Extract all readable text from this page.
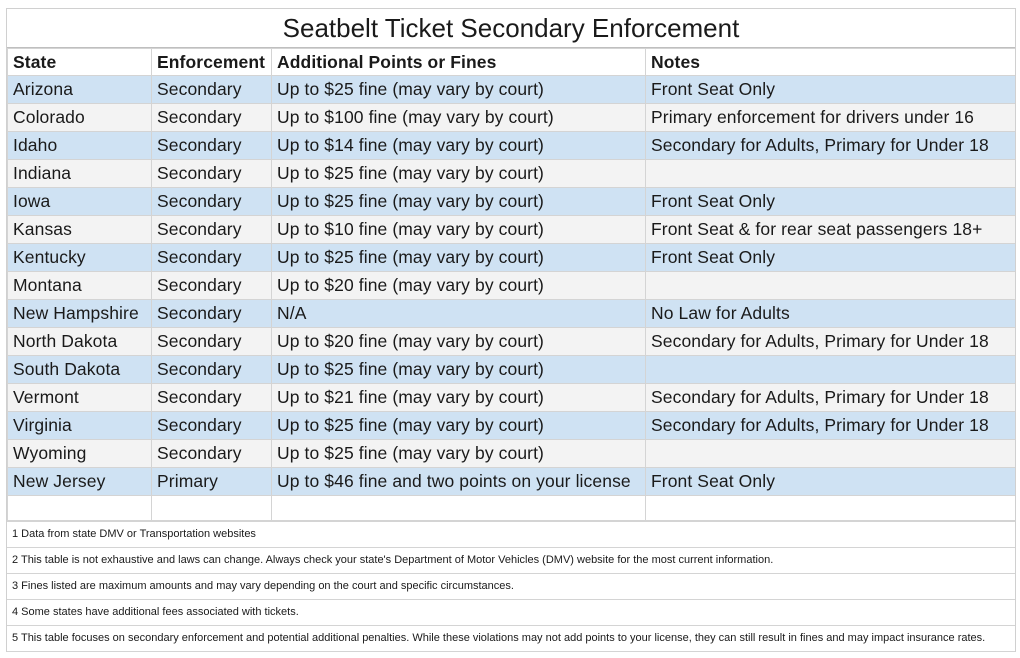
Seatbelt Ticket Secondary Enforcement
State	Enforcement	Additional Points or Fines	Notes
Arizona	Secondary	Up to $25 fine (may vary by court)	Front Seat Only
Colorado	Secondary	Up to $100 fine (may vary by court)	Primary enforcement for drivers under 16
Idaho	Secondary	Up to $14 fine (may vary by court)	Secondary for Adults, Primary for Under 18
Indiana	Secondary	Up to $25 fine (may vary by court)	
Iowa	Secondary	Up to $25 fine (may vary by court)	Front Seat Only
Kansas	Secondary	Up to $10 fine (may vary by court)	Front Seat & for rear seat passengers 18+
Kentucky	Secondary	Up to $25 fine (may vary by court)	Front Seat Only
Montana	Secondary	Up to $20 fine (may vary by court)	
New Hampshire	Secondary	N/A	No Law for Adults
North Dakota	Secondary	Up to $20 fine (may vary by court)	Secondary for Adults, Primary for Under 18
South Dakota	Secondary	Up to $25 fine (may vary by court)	
Vermont	Secondary	Up to $21 fine (may vary by court)	Secondary for Adults, Primary for Under 18
Virginia	Secondary	Up to $25 fine (may vary by court)	Secondary for Adults, Primary for Under 18
Wyoming	Secondary	Up to $25 fine (may vary by court)	
New Jersey	Primary	Up to $46 fine and two points on your license	Front Seat Only

1 Data from state DMV or Transportation websites
2 This table is not exhaustive and laws can change. Always check your state's Department of Motor Vehicles (DMV) website for the most current information.
3 Fines listed are maximum amounts and may vary depending on the court and specific circumstances.
4 Some states have additional fees associated with tickets.
5 This table focuses on secondary enforcement and potential additional penalties. While these violations may not add points to your license, they can still result in fines and may impact insurance rates.
